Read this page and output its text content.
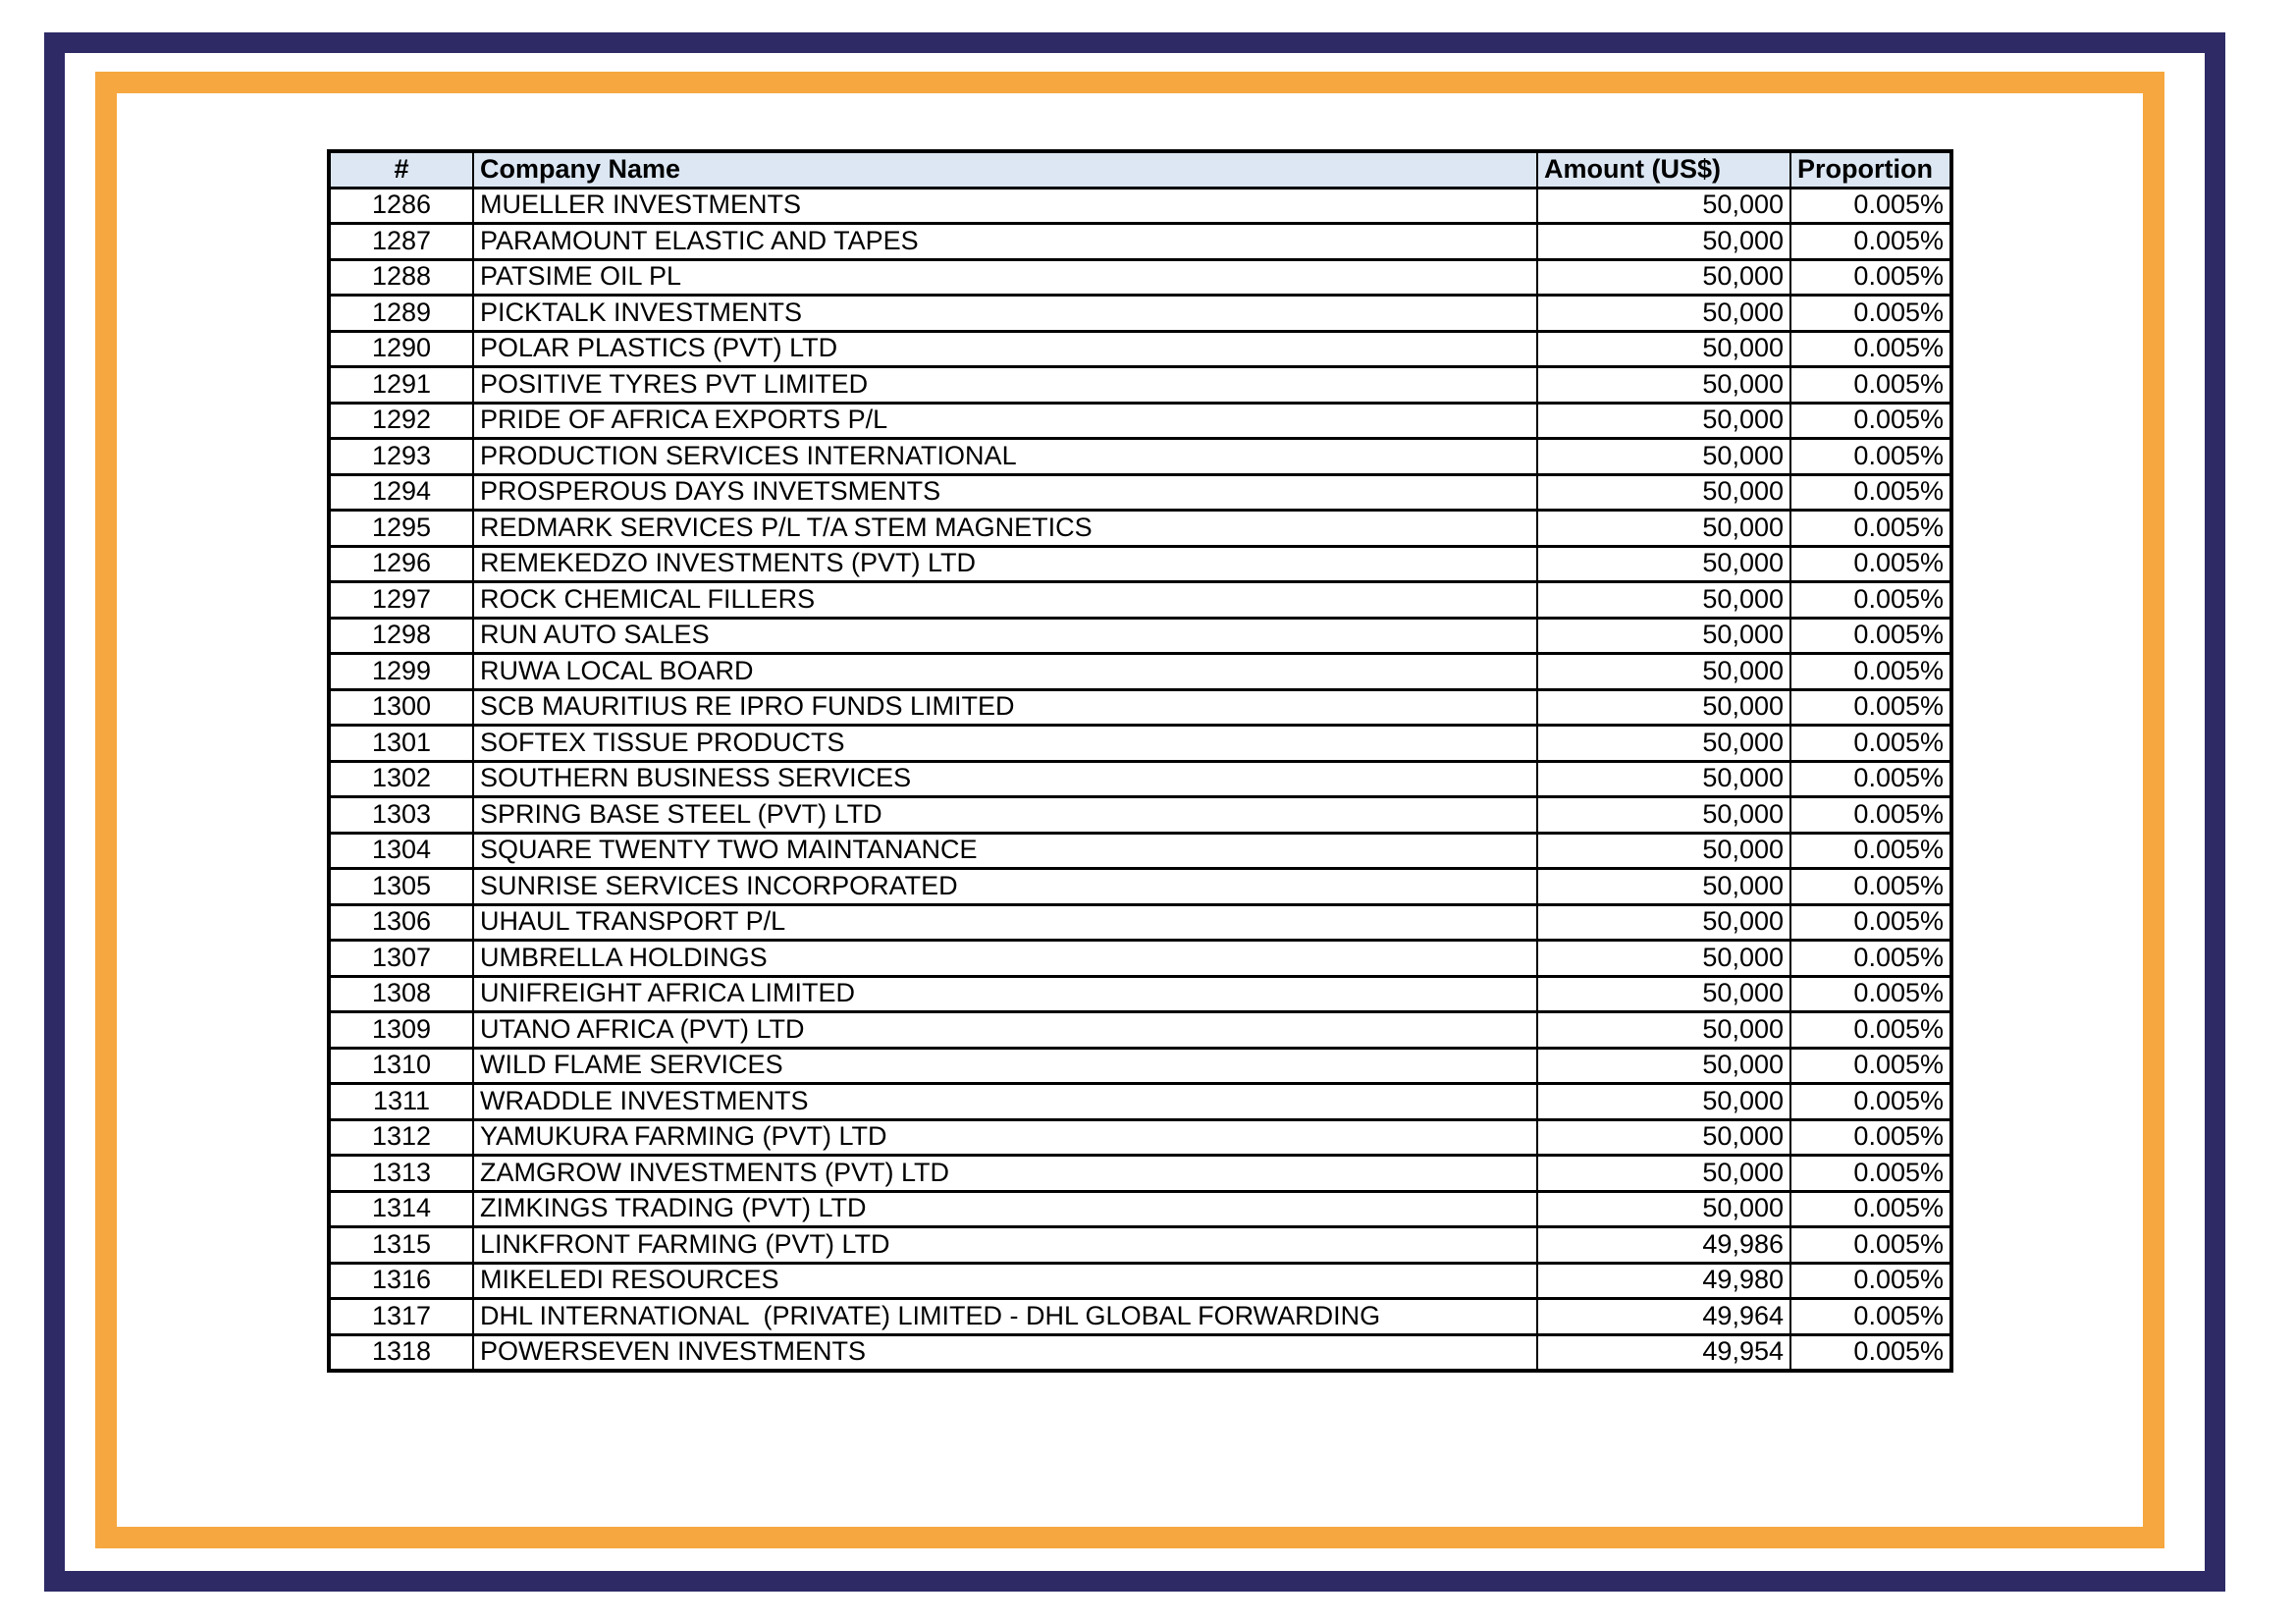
#	Company Name	Amount (US$)	Proportion
1286	MUELLER INVESTMENTS	50,000	0.005%
1287	PARAMOUNT ELASTIC AND TAPES	50,000	0.005%
1288	PATSIME OIL PL	50,000	0.005%
1289	PICKTALK INVESTMENTS	50,000	0.005%
1290	POLAR PLASTICS (PVT) LTD	50,000	0.005%
1291	POSITIVE TYRES PVT LIMITED	50,000	0.005%
1292	PRIDE OF AFRICA EXPORTS P/L	50,000	0.005%
1293	PRODUCTION SERVICES INTERNATIONAL	50,000	0.005%
1294	PROSPEROUS DAYS INVETSMENTS	50,000	0.005%
1295	REDMARK SERVICES P/L T/A STEM MAGNETICS	50,000	0.005%
1296	REMEKEDZO INVESTMENTS (PVT) LTD	50,000	0.005%
1297	ROCK CHEMICAL FILLERS	50,000	0.005%
1298	RUN AUTO SALES	50,000	0.005%
1299	RUWA LOCAL BOARD	50,000	0.005%
1300	SCB MAURITIUS RE IPRO FUNDS LIMITED	50,000	0.005%
1301	SOFTEX TISSUE PRODUCTS	50,000	0.005%
1302	SOUTHERN BUSINESS SERVICES	50,000	0.005%
1303	SPRING BASE STEEL (PVT) LTD	50,000	0.005%
1304	SQUARE TWENTY TWO MAINTANANCE	50,000	0.005%
1305	SUNRISE SERVICES INCORPORATED	50,000	0.005%
1306	UHAUL TRANSPORT P/L	50,000	0.005%
1307	UMBRELLA HOLDINGS	50,000	0.005%
1308	UNIFREIGHT AFRICA LIMITED	50,000	0.005%
1309	UTANO AFRICA (PVT) LTD	50,000	0.005%
1310	WILD FLAME SERVICES	50,000	0.005%
1311	WRADDLE INVESTMENTS	50,000	0.005%
1312	YAMUKURA FARMING (PVT) LTD	50,000	0.005%
1313	ZAMGROW INVESTMENTS (PVT) LTD	50,000	0.005%
1314	ZIMKINGS TRADING (PVT) LTD	50,000	0.005%
1315	LINKFRONT FARMING (PVT) LTD	49,986	0.005%
1316	MIKELEDI RESOURCES	49,980	0.005%
1317	DHL INTERNATIONAL  (PRIVATE) LIMITED - DHL GLOBAL FORWARDING	49,964	0.005%
1318	POWERSEVEN INVESTMENTS	49,954	0.005%
